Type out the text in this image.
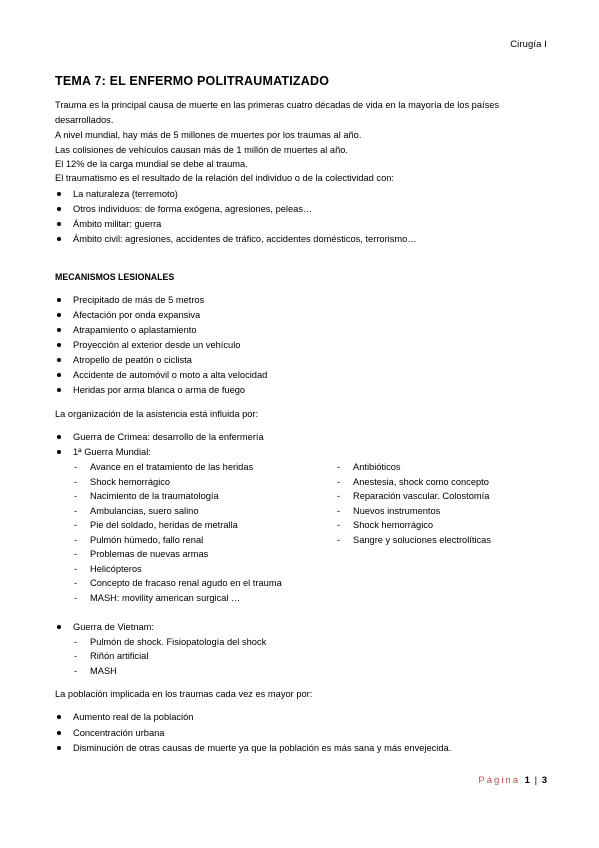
Cirugía I
TEMA 7: EL ENFERMO POLITRAUMATIZADO
Trauma es la principal causa de muerte en las primeras cuatro décadas de vida en la mayoría de los países
desarrollados.
A nivel mundial, hay más de 5 millones de muertes por los traumas al año.
Las colisiones de vehículos causan más de 1 millón de muertes al año.
El 12% de la carga mundial se debe al trauma.
El traumatismo es el resultado de la relación del individuo o de la colectividad con:
La naturaleza (terremoto)
Otros individuos: de forma exógena, agresiones, peleas…
Ámbito militar: guerra
Ámbito civil: agresiones, accidentes de tráfico, accidentes domésticos, terrorismo…
MECANISMOS LESIONALES
Precipitado de más de 5 metros
Afectación por onda expansiva
Atrapamiento o aplastamiento
Proyección al exterior desde un vehículo
Atropello de peatón o ciclista
Accidente de automóvil o moto a alta velocidad
Heridas por arma blanca o arma de fuego
La organización de la asistencia está influida por:
Guerra de Crimea: desarrollo de la enfermería
1ª Guerra Mundial:
- Avance en el tratamiento de las heridas
- Shock hemorrágico
- Nacimiento de la traumatología
- Ambulancias, suero salino
- Pie del soldado, heridas de metralla
- Pulmón húmedo, fallo renal
- Problemas de nuevas armas
- Helicópteros
- Concepto de fracaso renal agudo en el trauma
- MASH: movility american surgical …
- Antibióticos
- Anestesia, shock como concepto
- Reparación vascular. Colostomía
- Nuevos instrumentos
- Shock hemorrágico
- Sangre y soluciones electrolíticas
Guerra de Vietnam:
- Pulmón de shock. Fisiopatología del shock
- Riñón artificial
- MASH
La población implicada en los traumas cada vez es mayor por:
Aumento real de la población
Concentración urbana
Disminución de otras causas de muerte ya que la población es más sana y más envejecida.
Página 1 | 3
